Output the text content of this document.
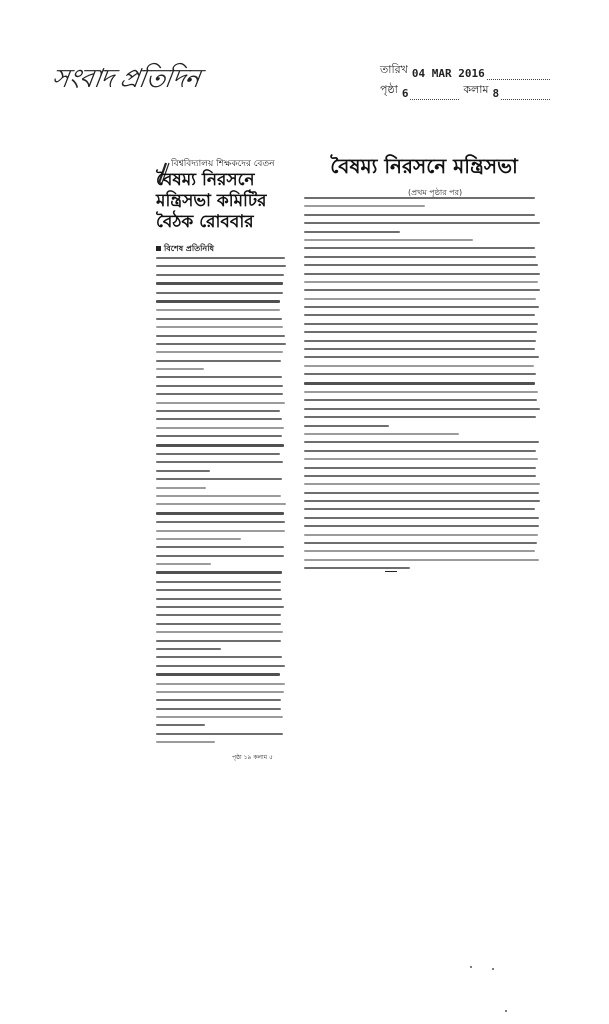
সংবাদ প্রতিদিন	তারিখ 04 MAR 2016
পৃষ্ঠা 6	কলাম 8
বিশ্ববিদ্যালয় শিক্ষকদের বেতন
বৈষম্য নিরসনে মন্ত্রিসভা কমিটির বৈঠক রোববার
বিশেষ প্রতিনিধি
বৈষম্য নিরসনে মন্ত্রিসভা
(প্রথম পৃষ্ঠার পর)
পৃষ্ঠা ১৯ কলাম ৫
